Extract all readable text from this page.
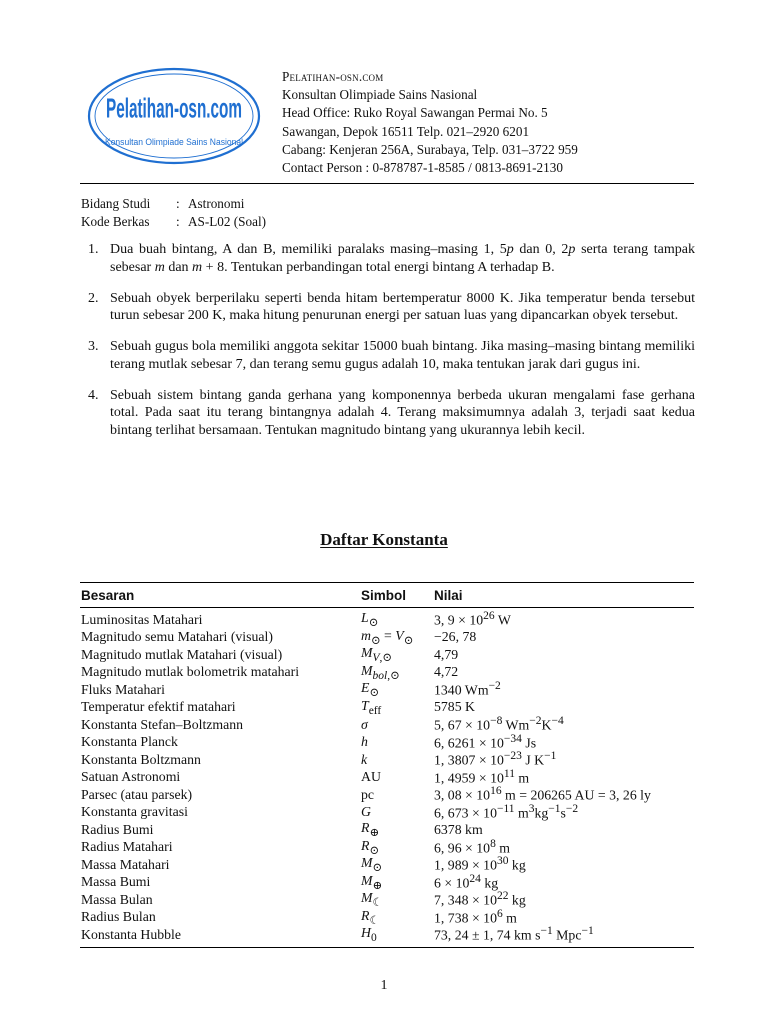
Pelatihan-osn.com
Konsultan Olimpiade Sains Nasional
Pelatihan-osn.com
Konsultan Olimpiade Sains Nasional
Head Office: Ruko Royal Sawangan Permai No. 5
Sawangan, Depok 16511 Telp. 021–2920 6201
Cabang: Kenjeran 256A, Surabaya, Telp. 031–3722 959
Contact Person : 0-878787-1-8585 / 0813-8691-2130
Bidang Studi	: Astronomi
Kode Berkas	: AS-L02 (Soal)
1. Dua buah bintang, A dan B, memiliki paralaks masing–masing 1, 5p dan 0, 2p serta terang tampak sebesar m dan m + 8. Tentukan perbandingan total energi bintang A terhadap B.
2. Sebuah obyek berperilaku seperti benda hitam bertemperatur 8000 K. Jika temperatur benda tersebut turun sebesar 200 K, maka hitung penurunan energi per satuan luas yang dipancarkan obyek tersebut.
3. Sebuah gugus bola memiliki anggota sekitar 15000 buah bintang. Jika masing–masing bintang memiliki terang mutlak sebesar 7, dan terang semu gugus adalah 10, maka tentukan jarak dari gugus ini.
4. Sebuah sistem bintang ganda gerhana yang komponennya berbeda ukuran mengalami fase gerhana total. Pada saat itu terang bintangnya adalah 4. Terang maksimumnya adalah 3, terjadi saat kedua bintang terlihat bersamaan. Tentukan magnitudo bintang yang ukurannya lebih kecil.
Daftar Konstanta
Besaran	Simbol	Nilai
Luminositas Matahari	$L_⊙$	3, $9 \times 10^{26}$ W
Magnitudo semu Matahari (visual)	$m_⊙ = V_⊙$	−26, 78
Magnitudo mutlak Matahari (visual)	$M_{V,⊙}$	4,79
Magnitudo mutlak bolometrik matahari	$M_{bol,⊙}$	4,72
Fluks Matahari	$E_⊙$	1340 $Wm^{-2}$
Temperatur efektif matahari	$T_{eff}$	5785 K
Konstanta Stefan–Boltzmann	σ	5, $67 \times 10^{-8}$ $Wm^{-2}K^{-4}$
Konstanta Planck	h	6, $6261 \times 10^{-34}$ Js
Konstanta Boltzmann	k	1, $3807 \times 10^{-23}$ J $K^{-1}$
Satuan Astronomi	AU	1, $4959 \times 10^{11}$ m
Parsec (atau parsek)	pc	3, $08 \times 10^{16}$ m = 206265 AU = 3, 26 ly
Konstanta gravitasi	G	6, $673 \times 10^{-11}$ $m^3kg^{-1}s^{-2}$
Radius Bumi	$R_\oplus$	6378 km
Radius Matahari	$R_⊙$	6, $96 \times 10^8$ m
Massa Matahari	$M_⊙$	1, $989 \times 10^{30}$ kg
Massa Bumi	$M_\oplus$	$6 \times 10^{24}$ kg
Massa Bulan	$M_☾$	7, $348 \times 10^{22}$ kg
Radius Bulan	$R_☾$	1, $738 \times 10^6$ m
Konstanta Hubble	$H_0$	73, 24 ± 1, 74 km $s^{-1}$ Mpc$^{-1}$
1
